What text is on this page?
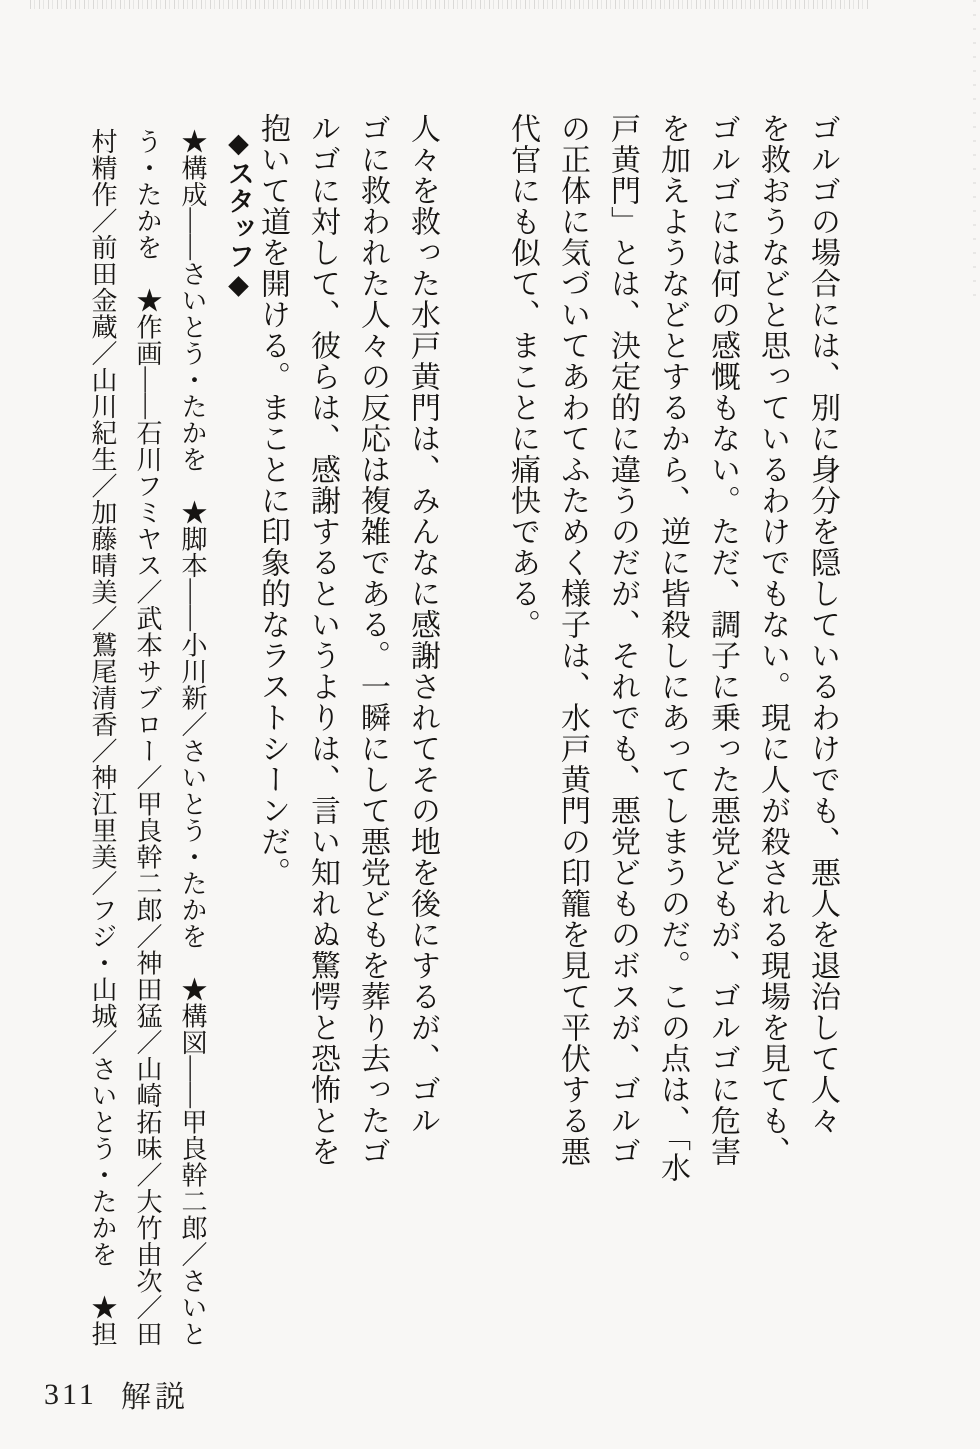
ゴルゴの場合には、別に身分を隠しているわけでも、悪人を退治して人々
を救おうなどと思っているわけでもない。現に人が殺される現場を見ても、
ゴルゴには何の感慨もない。ただ、調子に乗った悪党どもが、ゴルゴに危害
を加えようなどとするから、逆に皆殺しにあってしまうのだ。この点は、「水
戸黄門」とは、決定的に違うのだが、それでも、悪党どものボスが、ゴルゴ
の正体に気づいてあわてふためく様子は、水戸黄門の印籠を見て平伏する悪
代官にも似て、まことに痛快である。
人々を救った水戸黄門は、みんなに感謝されてその地を後にするが、ゴル
ゴに救われた人々の反応は複雑である。一瞬にして悪党どもを葬り去ったゴ
ルゴに対して、彼らは、感謝するというよりは、言い知れぬ驚愕と恐怖とを
抱いて道を開ける。まことに印象的なラストシーンだ。
◆スタッフ◆
★構成――さいとう・たかを　★脚本――小川新／さいとう・たかを　★構図――甲良幹二郎／さいと
う・たかを　★作画――石川フミヤス／武本サブロー／甲良幹二郎／神田猛／山崎拓味／大竹由次／田
村精作／前田金蔵／山川紀生／加藤晴美／鷲尾清香／神江里美／フジ・山城／さいとう・たかを　★担
311 解説
